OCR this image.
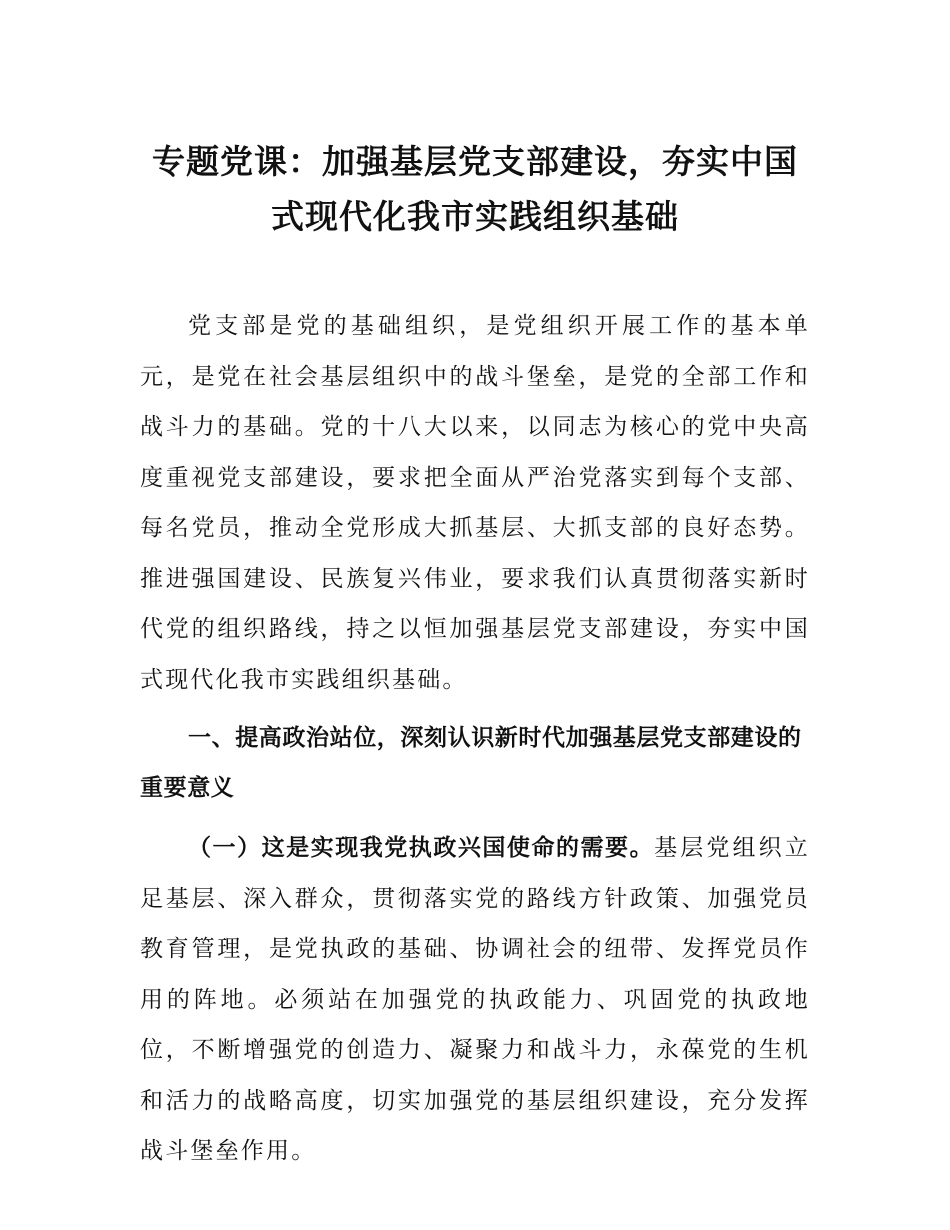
专题党课：加强基层党支部建设，夯实中国
式现代化我市实践组织基础

党支部是党的基础组织，是党组织开展工作的基本单元，是党在社会基层组织中的战斗堡垒，是党的全部工作和战斗力的基础。党的十八大以来，以同志为核心的党中央高度重视党支部建设，要求把全面从严治党落实到每个支部、每名党员，推动全党形成大抓基层、大抓支部的良好态势。推进强国建设、民族复兴伟业，要求我们认真贯彻落实新时代党的组织路线，持之以恒加强基层党支部建设，夯实中国式现代化我市实践组织基础。

一、提高政治站位，深刻认识新时代加强基层党支部建设的重要意义

（一）这是实现我党执政兴国使命的需要。基层党组织立足基层、深入群众，贯彻落实党的路线方针政策、加强党员教育管理，是党执政的基础、协调社会的纽带、发挥党员作用的阵地。必须站在加强党的执政能力、巩固党的执政地位，不断增强党的创造力、凝聚力和战斗力，永葆党的生机和活力的战略高度，切实加强党的基层组织建设，充分发挥战斗堡垒作用。
